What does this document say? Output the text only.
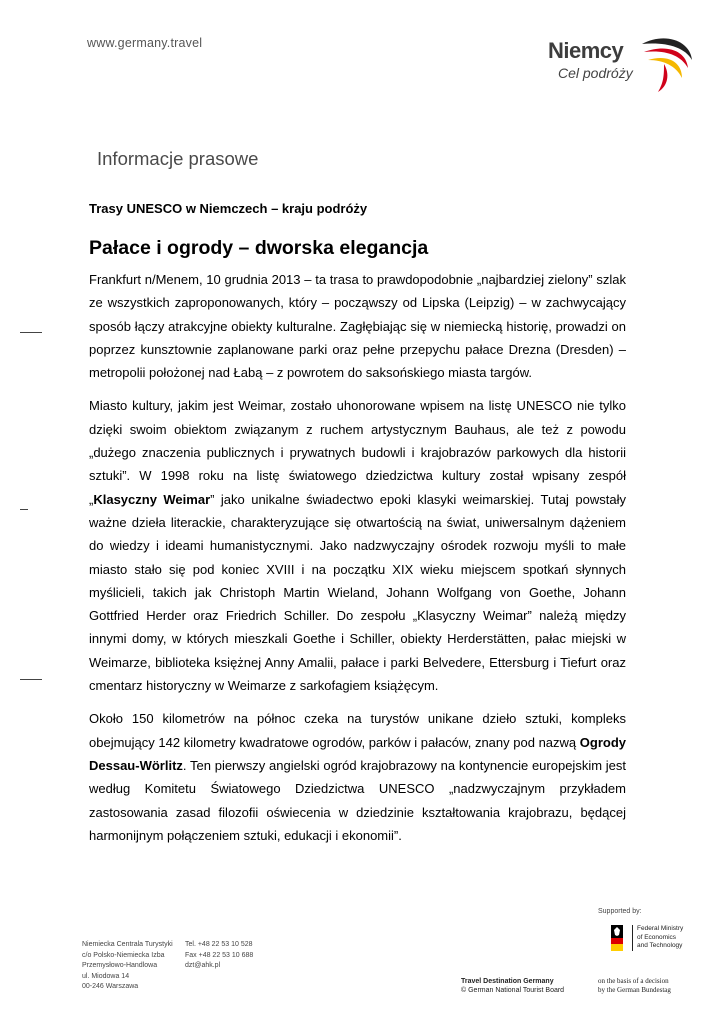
www.germany.travel	Niemcy
Cel podróży
Informacje prasowe
Trasy UNESCO w Niemczech – kraju podróży
Pałace i ogrody – dworska elegancja

Frankfurt n/Menem, 10 grudnia 2013 – ta trasa to prawdopodobnie „najbardziej zielony” szlak ze wszystkich zaproponowanych, który – począwszy od Lipska (Leipzig) – w zachwycający sposób łączy atrakcyjne obiekty kulturalne. Zagłębiając się w niemiecką historię, prowadzi on poprzez kunsztownie zaplanowane parki oraz pełne przepychu pałace Drezna (Dresden) – metropolii położonej nad Łabą – z powrotem do saksońskiego miasta targów.

Miasto kultury, jakim jest Weimar, zostało uhonorowane wpisem na listę UNESCO nie tylko dzięki swoim obiektom związanym z ruchem artystycznym Bauhaus, ale też z powodu „dużego znaczenia publicznych i prywatnych budowli i krajobrazów parkowych dla historii sztuki”. W 1998 roku na listę światowego dziedzictwa kultury został wpisany zespół „Klasyczny Weimar” jako unikalne świadectwo epoki klasyki weimarskiej. Tutaj powstały ważne dzieła literackie, charakteryzujące się otwartością na świat, uniwersalnym dążeniem do wiedzy i ideami humanistycznymi. Jako nadzwyczajny ośrodek rozwoju myśli to małe miasto stało się pod koniec XVIII i na początku XIX wieku miejscem spotkań słynnych myślicieli, takich jak Christoph Martin Wieland, Johann Wolfgang von Goethe, Johann Gottfried Herder oraz Friedrich Schiller. Do zespołu „Klasyczny Weimar” należą między innymi domy, w których mieszkali Goethe i Schiller, obiekty Herderstätten, pałac miejski w Weimarze, biblioteka księżnej Anny Amalii, pałace i parki Belvedere, Ettersburg i Tiefurt oraz cmentarz historyczny w Weimarze z sarkofagiem książęcym.

Około 150 kilometrów na północ czeka na turystów unikane dzieło sztuki, kompleks obejmujący 142 kilometry kwadratowe ogrodów, parków i pałaców, znany pod nazwą Ogrody Dessau-Wörlitz. Ten pierwszy angielski ogród krajobrazowy na kontynencie europejskim jest według Komitetu Światowego Dziedzictwa UNESCO „nadzwyczajnym przykładem zastosowania zasad filozofii oświecenia w dziedzinie kształtowania krajobrazu, będącej harmonijnym połączeniem sztuki, edukacji i ekonomii”.

Niemiecka Centrala Turystyki
c/o Polsko-Niemiecka Izba
Przemysłowo-Handlowa
ul. Miodowa 14
00-246 Warszawa
Tel. +48 22 53 10 528
Fax +48 22 53 10 688
dzt@ahk.pl
Supported by:
Federal Ministry
of Economics
and Technology
Travel Destination Germany
© German National Tourist Board
on the basis of a decision
by the German Bundestag
